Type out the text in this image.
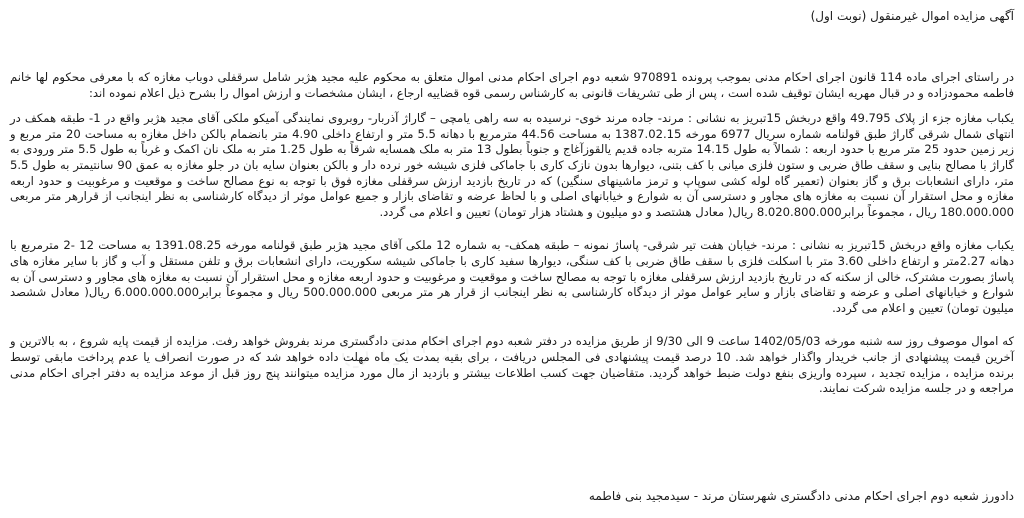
◌ ◌ ◌
آگهی مزایده اموال غیرمنقول (نوبت اول)

در راستای اجرای ماده 114 قانون اجرای احکام مدنی بموجب پرونده 970891 شعبه دوم اجرای احکام مدنی اموال متعلق به محکوم علیه مجید هژبر شامل سرقفلی دوباب مغازه که با معرفی محکوم لها خانم فاطمه محمودزاده و در قبال مهریه ایشان توقیف شده است ، پس از طی تشریفات قانونی به کارشناس رسمی قوه قضاییه ارجاع ، ایشان مشخصات و ارزش اموال را بشرح ذیل اعلام نموده اند:

یکباب مغازه جزء از پلاک 49.795 واقع دربخش 15تبریز به نشانی : مرند- جاده مرند خوی- نرسیده به سه راهی یامچی – گاراژ آذربار- روبروی نمایندگی آمیکو ملکی آقای مجید هژبر واقع در 1- طبقه همکف در انتهای شمال شرقی گاراژ طبق قولنامه شماره سریال 6977 مورخه 1387.02.15 به مساحت 44.56 مترمربع با دهانه 5.5 متر و ارتفاع داخلی 4.90 متر بانضمام بالکن داخل مغازه به مساحت 20 متر مربع و زیر زمین حدود 25 متر مربع با حدود اربعه : شمالاً به طول 14.15 متربه جاده قدیم یالقوزآغاج و جنوباً بطول 13 متر به ملک همسایه شرقاً به طول 1.25 متر به ملک نان اکمک و غرباً به طول 5.5 متر ورودی به گاراژ با مصالح بنایی و سقف طاق ضربی و ستون فلزی میانی با کف بتنی، دیوارها بدون نازک کاری با جاماکی فلزی شیشه خور نرده دار و بالکن بعنوان سایه بان در جلو مغازه به عمق 90 سانتیمتر به طول 5.5 متر، دارای انشعابات برق و گاز بعنوان (تعمیر گاه لوله کشی سوپاپ و ترمز ماشینهای سنگین) که در تاریخ بازدید ارزش سرقفلی مغازه فوق با توجه به نوع مصالح ساخت و موقعیت و مرغوبیت و حدود اربعه مغازه و محل استقرار آن نسبت به مغازه های مجاور و دسترسی آن به شوارع و خیابانهای اصلی و با لحاظ عرضه و تقاضای بازار و جمیع عوامل موثر از دیدگاه کارشناسی به نظر اینجانب از قرارهر متر مربعی 180.000.000 ریال ، مجموعاً برابر8.020.800.000 ریال( معادل هشتصد و دو میلیون و هشتاد هزار تومان) تعیین و اعلام می گردد.

یکباب مغازه واقع دربخش 15تبریز به نشانی : مرند- خیابان هفت تیر شرقی- پاساژ نمونه – طبقه همکف- به شماره 12 ملکی آقای مجید هژبر طبق قولنامه مورخه 1391.08.25 به مساحت 12 -2 مترمربع با دهانه 2.27متر و ارتفاع داخلی 3.60 متر با اسکلت فلزی با سقف طاق ضربی با کف سنگی، دیوارها سفید کاری با جاماکی شیشه سکوریت، دارای انشعابات برق و تلفن مستقل و آب و گاز با سایر مغازه های پاساژ بصورت مشترک، خالی از سکنه که در تاریخ بازدید ارزش سرقفلی مغازه با توجه به مصالح ساخت و موقعیت و مرغوبیت و حدود اربعه مغازه و محل استقرار آن نسبت به مغازه های مجاور و دسترسی آن به شوارع و خیابانهای اصلی و عرضه و تقاضای بازار و سایر عوامل موثر از دیدگاه کارشناسی به نظر اینجانب از قرار هر متر مربعی 500.000.000 ریال و مجموعاً برابر6.000.000.000 ریال( معادل ششصد میلیون تومان) تعیین و اعلام می گردد.

که اموال موصوف روز سه شنبه مورخه 1402/05/03 ساعت 9 الی 9/30 از طریق مزایده در دفتر شعبه دوم اجرای احکام مدنی دادگستری مرند بفروش خواهد رفت. مزایده از قیمت پایه شروع ، به بالاترین و آخرین قیمت پیشنهادی از جانب خریدار واگذار خواهد شد. 10 درصد قیمت پیشنهادی فی المجلس دریافت ، برای بقیه بمدت یک ماه مهلت داده خواهد شد که در صورت انصراف یا عدم پرداخت مابقی توسط برنده مزایده ، مزایده تجدید ، سپرده واریزی بنفع دولت ضبط خواهد گردید. متقاضیان جهت کسب اطلاعات بیشتر و بازدید از مال مورد مزایده میتوانند پنج روز قبل از موعد مزایده به دفتر اجرای احکام مدنی مراجعه و در جلسه مزایده شرکت نمایند.

دادورز شعبه دوم اجرای احکام مدنی دادگستری شهرستان مرند - سیدمجید بنی فاطمه
